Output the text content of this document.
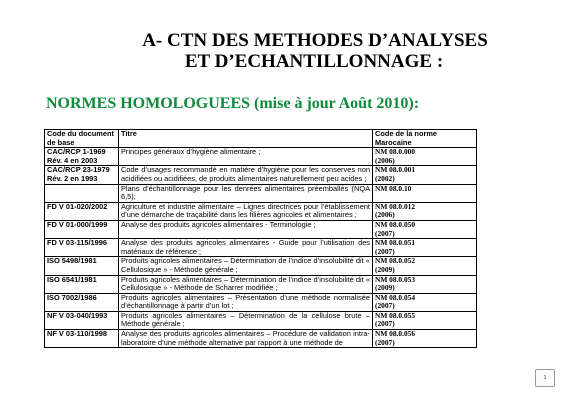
A- CTN DES METHODES D’ANALYSES
ET D’ECHANTILLONNAGE :
NORMES HOMOLOGUEES (mise à jour Août 2010):
Code du document de base	Titre	Code de la norme Marocaine
CAC/RCP 1-1969 Rév. 4 en 2003	Principes généraux d’hygiène alimentaire ;	NM 08.0.000
(2006)

CAC/RCP 23-1979 Rév. 2 en 1993	Code d’usages recommandé en matière d’hygiène pour les conserves non acidifiées ou acidifiées, de produits alimentaires naturellement peu acides ;	NM 08.0.001
(2002)

	Plans d’échantillonnage pour les denrées alimentaires préemballés (NQA 6,5);	NM 08.0.10

FD V 01-020/2002	Agriculture et industrie alimentaire – Lignes directrices pour l’établissement d’une démarche de traçabilité dans les filières agricoles et alimentaires ;	NM 08.0.012
(2006)

FD V 01-000/1999	Analyse des produits agricoles alimentaires - Terminologie ;	NM 08.0.050
(2007)

FD V 03-115/1996	Analyse des produits agricoles alimentaires - Guide pour l’utilisation des matériaux de référence ;	NM 08.0.051
(2007)

ISO 5498/1981	Produits agricoles alimentaires – Détermination de l’indice d’insolubilité dit « Cellulosique » - Méthode générale ;	NM 08.0.052
(2009)

ISO 6541/1981	Produits agricoles alimentaires – Détermination de l’indice d’insolubilité dit « Cellulosique » - Méthode de Scharrer modifiée ;	NM 08.0.053
(2009)

ISO 7002/1986	Produits agricoles alimentaires – Présentation d’une méthode normalisée d’échantillonnage à partir d’un lot ;	NM 08.0.054
(2007)

NF V 03-040/1993	Produits agricoles alimentaires – Détermination de la cellulose brute – Méthode générale ;	NM 08.0.055
(2007)

NF V 03-110/1998	Analyse des produits agricoles alimentaires – Procédure de validation intra-laboratoire d’une méthode alternative par rapport à une méthode de	NM 08.0.056
(2007)
1
